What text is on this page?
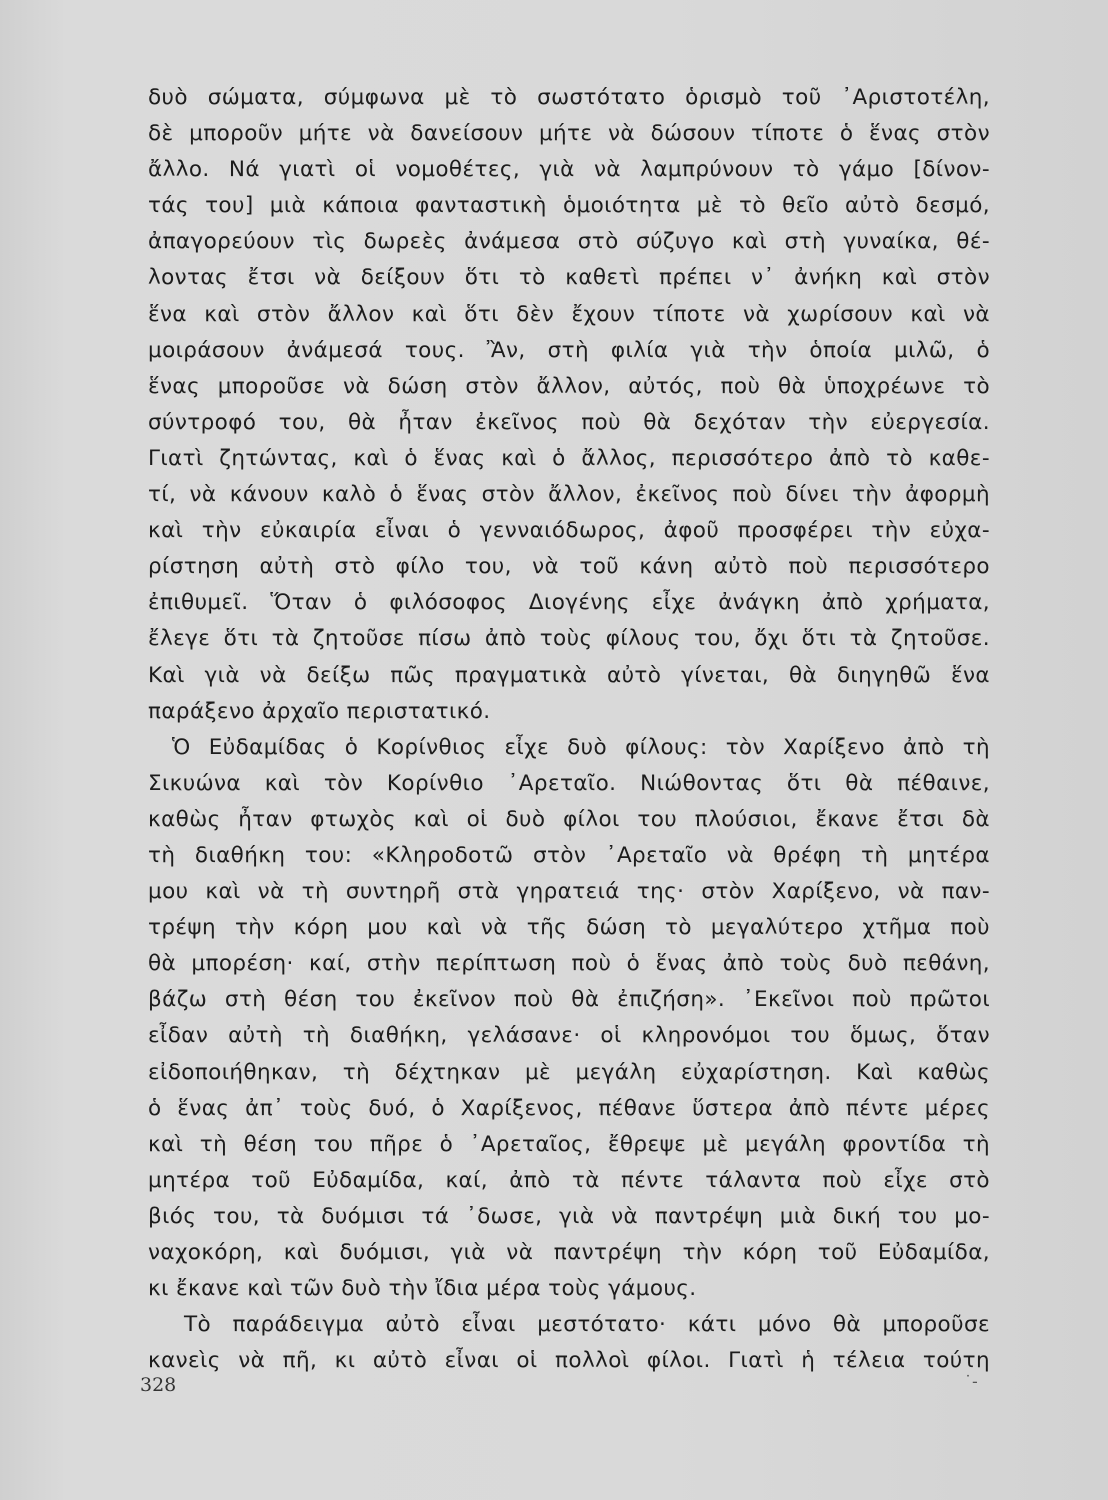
δυὸ σώματα, σύμφωνα μὲ τὸ σωστότατο ὁρισμὸ τοῦ ᾿Αριστοτέλη,
δὲ μποροῦν μήτε νὰ δανείσουν μήτε νὰ δώσουν τίποτε ὁ ἕνας στὸν
ἄλλο. Νά γιατὶ οἱ νομοθέτες, γιὰ νὰ λαμπρύνουν τὸ γάμο [δίνον-
τάς του] μιὰ κάποια φανταστικὴ ὁμοιότητα μὲ τὸ θεῖο αὐτὸ δεσμό,
ἀπαγορεύουν τὶς δωρεὲς ἀνάμεσα στὸ σύζυγο καὶ στὴ γυναίκα, θέ-
λοντας ἔτσι νὰ δείξουν ὅτι τὸ καθετὶ πρέπει ν᾿ ἀνήκη καὶ στὸν
ἕνα καὶ στὸν ἄλλον καὶ ὅτι δὲν ἔχουν τίποτε νὰ χωρίσουν καὶ νὰ
μοιράσουν ἀνάμεσά τους. Ἂν, στὴ φιλία γιὰ τὴν ὁποία μιλῶ, ὁ
ἕνας μποροῦσε νὰ δώση στὸν ἄλλον, αὐτός, ποὺ θὰ ὑποχρέωνε τὸ
σύντροφό του, θὰ ἦταν ἐκεῖνος ποὺ θὰ δεχόταν τὴν εὐεργεσία.
Γιατὶ ζητώντας, καὶ ὁ ἕνας καὶ ὁ ἄλλος, περισσότερο ἀπὸ τὸ καθε-
τί, νὰ κάνουν καλὸ ὁ ἕνας στὸν ἄλλον, ἐκεῖνος ποὺ δίνει τὴν ἀφορμὴ
καὶ τὴν εὐκαιρία εἶναι ὁ γενναιόδωρος, ἀφοῦ προσφέρει τὴν εὐχα-
ρίστηση αὐτὴ στὸ φίλο του, νὰ τοῦ κάνη αὐτὸ ποὺ περισσότερο
ἐπιθυμεῖ. Ὅταν ὁ φιλόσοφος Διογένης εἶχε ἀνάγκη ἀπὸ χρήματα,
ἔλεγε ὅτι τὰ ζητοῦσε πίσω ἀπὸ τοὺς φίλους του, ὄχι ὅτι τὰ ζητοῦσε.
Καὶ γιὰ νὰ δείξω πῶς πραγματικὰ αὐτὸ γίνεται, θὰ διηγηθῶ ἕνα
παράξενο ἀρχαῖο περιστατικό.
Ὁ Εὐδαμίδας ὁ Κορίνθιος εἶχε δυὸ φίλους: τὸν Χαρίξενο ἀπὸ τὴ
Σικυώνα καὶ τὸν Κορίνθιο ᾿Αρεταῖο. Νιώθοντας ὅτι θὰ πέθαινε,
καθὼς ἦταν φτωχὸς καὶ οἱ δυὸ φίλοι του πλούσιοι, ἔκανε ἔτσι δὰ
τὴ διαθήκη του: «Κληροδοτῶ στὸν ᾿Αρεταῖο νὰ θρέφη τὴ μητέρα
μου καὶ νὰ τὴ συντηρῆ στὰ γηρατειά της· στὸν Χαρίξενο, νὰ παν-
τρέψη τὴν κόρη μου καὶ νὰ τῆς δώση τὸ μεγαλύτερο χτῆμα ποὺ
θὰ μπορέση· καί, στὴν περίπτωση ποὺ ὁ ἕνας ἀπὸ τοὺς δυὸ πεθάνη,
βάζω στὴ θέση του ἐκεῖνον ποὺ θὰ ἐπιζήση». ᾿Εκεῖνοι ποὺ πρῶτοι
εἶδαν αὐτὴ τὴ διαθήκη, γελάσανε· οἱ κληρονόμοι του ὅμως, ὅταν
εἰδοποιήθηκαν, τὴ δέχτηκαν μὲ μεγάλη εὐχαρίστηση. Καὶ καθὼς
ὁ ἕνας ἀπ᾿ τοὺς δυό, ὁ Χαρίξενος, πέθανε ὕστερα ἀπὸ πέντε μέρες
καὶ τὴ θέση του πῆρε ὁ ᾿Αρεταῖος, ἔθρεψε μὲ μεγάλη φροντίδα τὴ
μητέρα τοῦ Εὐδαμίδα, καί, ἀπὸ τὰ πέντε τάλαντα ποὺ εἶχε στὸ
βιός του, τὰ δυόμισι τά ᾿δωσε, γιὰ νὰ παντρέψη μιὰ δική του μο-
ναχοκόρη, καὶ δυόμισι, γιὰ νὰ παντρέψη τὴν κόρη τοῦ Εὐδαμίδα,
κι ἔκανε καὶ τῶν δυὸ τὴν ἴδια μέρα τοὺς γάμους.
Τὸ παράδειγμα αὐτὸ εἶναι μεστότατο· κάτι μόνο θὰ μποροῦσε
κανεὶς νὰ πῆ, κι αὐτὸ εἶναι οἱ πολλοὶ φίλοι. Γιατὶ ἡ τέλεια τούτη
328	˙-
